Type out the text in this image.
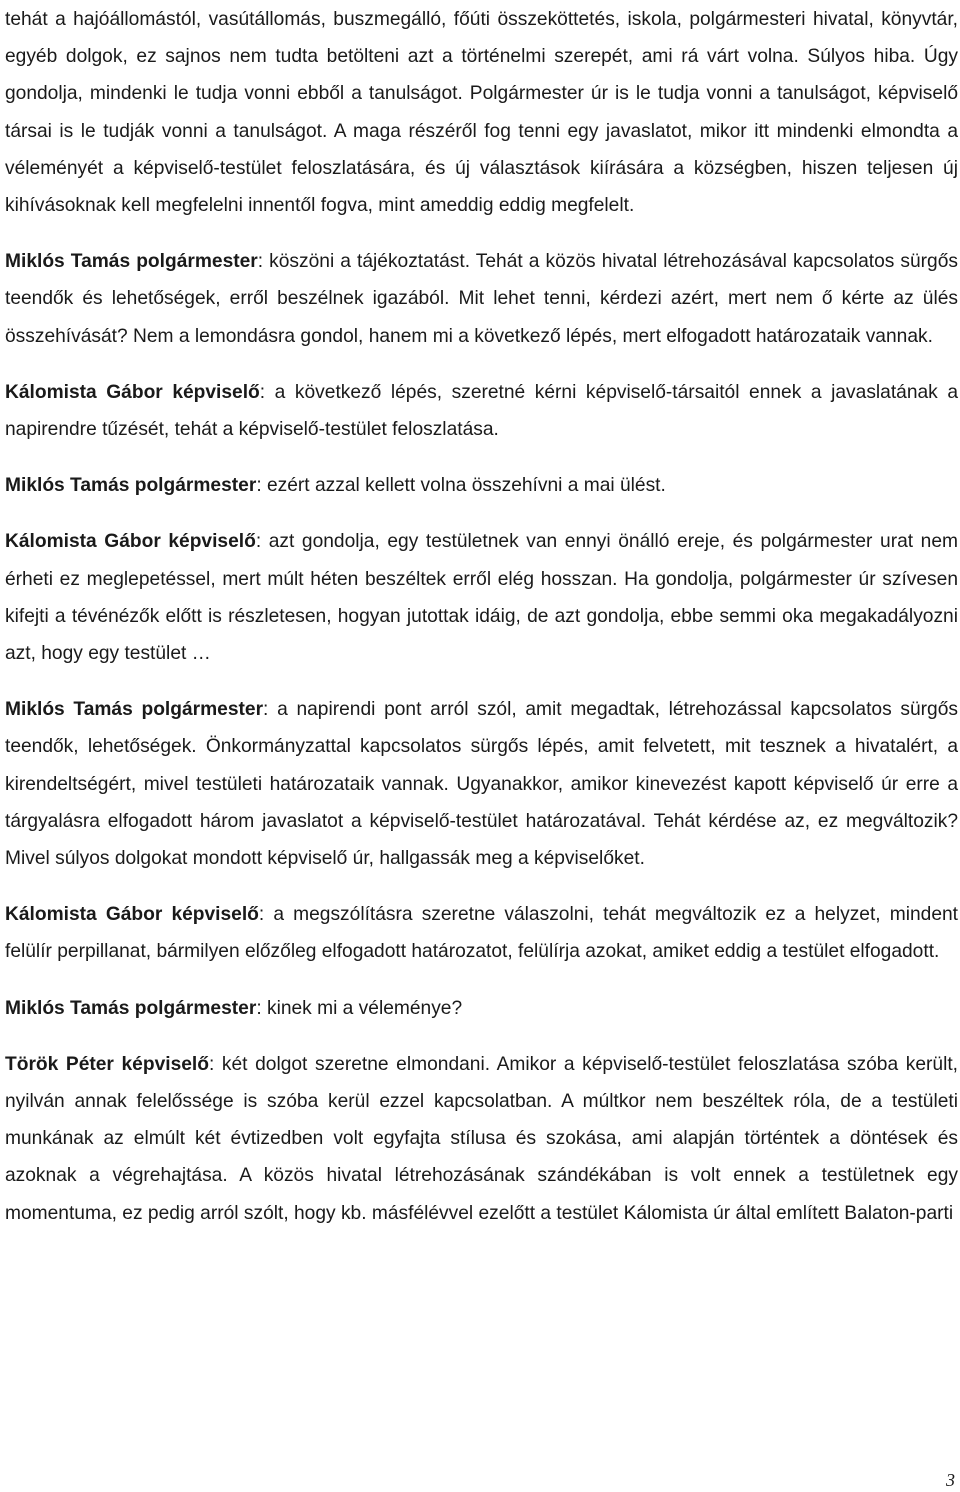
tehát a hajóállomástól, vasútállomás, buszmegálló, főúti összeköttetés, iskola, polgármesteri hivatal, könyvtár, egyéb dolgok, ez sajnos nem tudta betölteni azt a történelmi szerepét, ami rá várt volna. Súlyos hiba. Úgy gondolja, mindenki le tudja vonni ebből a tanulságot. Polgármester úr is le tudja vonni a tanulságot, képviselő társai is le tudják vonni a tanulságot. A maga részéről fog tenni egy javaslatot, mikor itt mindenki elmondta a véleményét a képviselő-testület feloszlatására, és új választások kiírására a községben, hiszen teljesen új kihívásoknak kell megfelelni innentől fogva, mint ameddig eddig megfelelt.

Miklós Tamás polgármester: köszöni a tájékoztatást. Tehát a közös hivatal létrehozásával kapcsolatos sürgős teendők és lehetőségek, erről beszélnek igazából. Mit lehet tenni, kérdezi azért, mert nem ő kérte az ülés összehívását? Nem a lemondásra gondol, hanem mi a következő lépés, mert elfogadott határozataik vannak.

Kálomista Gábor képviselő: a következő lépés, szeretné kérni képviselő-társaitól ennek a javaslatának a napirendre tűzését, tehát a képviselő-testület feloszlatása.

Miklós Tamás polgármester: ezért azzal kellett volna összehívni a mai ülést.

Kálomista Gábor képviselő: azt gondolja, egy testületnek van ennyi önálló ereje, és polgármester urat nem érheti ez meglepetéssel, mert múlt héten beszéltek erről elég hosszan. Ha gondolja, polgármester úr szívesen kifejti a tévénézők előtt is részletesen, hogyan jutottak idáig, de azt gondolja, ebbe semmi oka megakadályozni azt, hogy egy testület …

Miklós Tamás polgármester: a napirendi pont arról szól, amit megadtak, létrehozással kapcsolatos sürgős teendők, lehetőségek. Önkormányzattal kapcsolatos sürgős lépés, amit felvetett, mit tesznek a hivatalért, a kirendeltségért, mivel testületi határozataik vannak. Ugyanakkor, amikor kinevezést kapott képviselő úr erre a tárgyalásra elfogadott három javaslatot a képviselő-testület határozatával. Tehát kérdése az, ez megváltozik? Mivel súlyos dolgokat mondott képviselő úr, hallgassák meg a képviselőket.

Kálomista Gábor képviselő: a megszólításra szeretne válaszolni, tehát megváltozik ez a helyzet, mindent felülír perpillanat, bármilyen előzőleg elfogadott határozatot, felülírja azokat, amiket eddig a testület elfogadott.

Miklós Tamás polgármester: kinek mi a véleménye?

Török Péter képviselő: két dolgot szeretne elmondani. Amikor a képviselő-testület feloszlatása szóba került, nyilván annak felelőssége is szóba kerül ezzel kapcsolatban. A múltkor nem beszéltek róla, de a testületi munkának az elmúlt két évtizedben volt egyfajta stílusa és szokása, ami alapján történtek a döntések és azoknak a végrehajtása. A közös hivatal létrehozásának szándékában is volt ennek a testületnek egy momentuma, ez pedig arról szólt, hogy kb. másfélévvel ezelőtt a testület Kálomista úr által említett Balaton-parti

3
